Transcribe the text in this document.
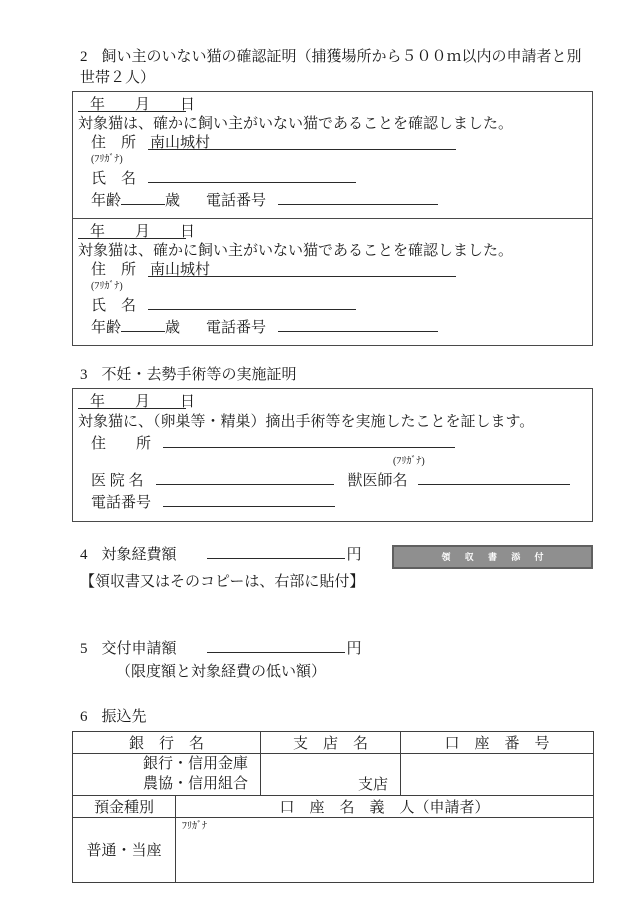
2 飼い主のいない猫の確認証明（捕獲場所から５００ｍ以内の申請者と別世帯２人）
年　　月　　日
対象猫は、確かに飼い主がいない猫であることを確認しました。
住　所 南山城村
(ﾌﾘｶﾞﾅ)
氏　名
年齢	歳 電話番号
年　　月　　日
対象猫は、確かに飼い主がいない猫であることを確認しました。
住　所 南山城村
(ﾌﾘｶﾞﾅ)
氏　名
年齢	歳 電話番号
3 不妊・去勢手術等の実施証明
年　　月　　日
対象猫に、（卵巣等・精巣）摘出手術等を実施したことを証します。
住　　所
(ﾌﾘｶﾞﾅ)
医 院 名	獣医師名
電話番号
4 対象経費額	円	領 収 書 添 付
【領収書又はそのコピーは、右部に貼付】
5 交付申請額	円
（限度額と対象経費の低い額）
6 振込先
銀　行　名		支　店　名	口　座　番　号

銀行・信用金庫
農協・信用組合		支店	
預金種別	口　座　名　義　人（申請者）		
普通・当座	ﾌﾘｶﾞﾅ		
